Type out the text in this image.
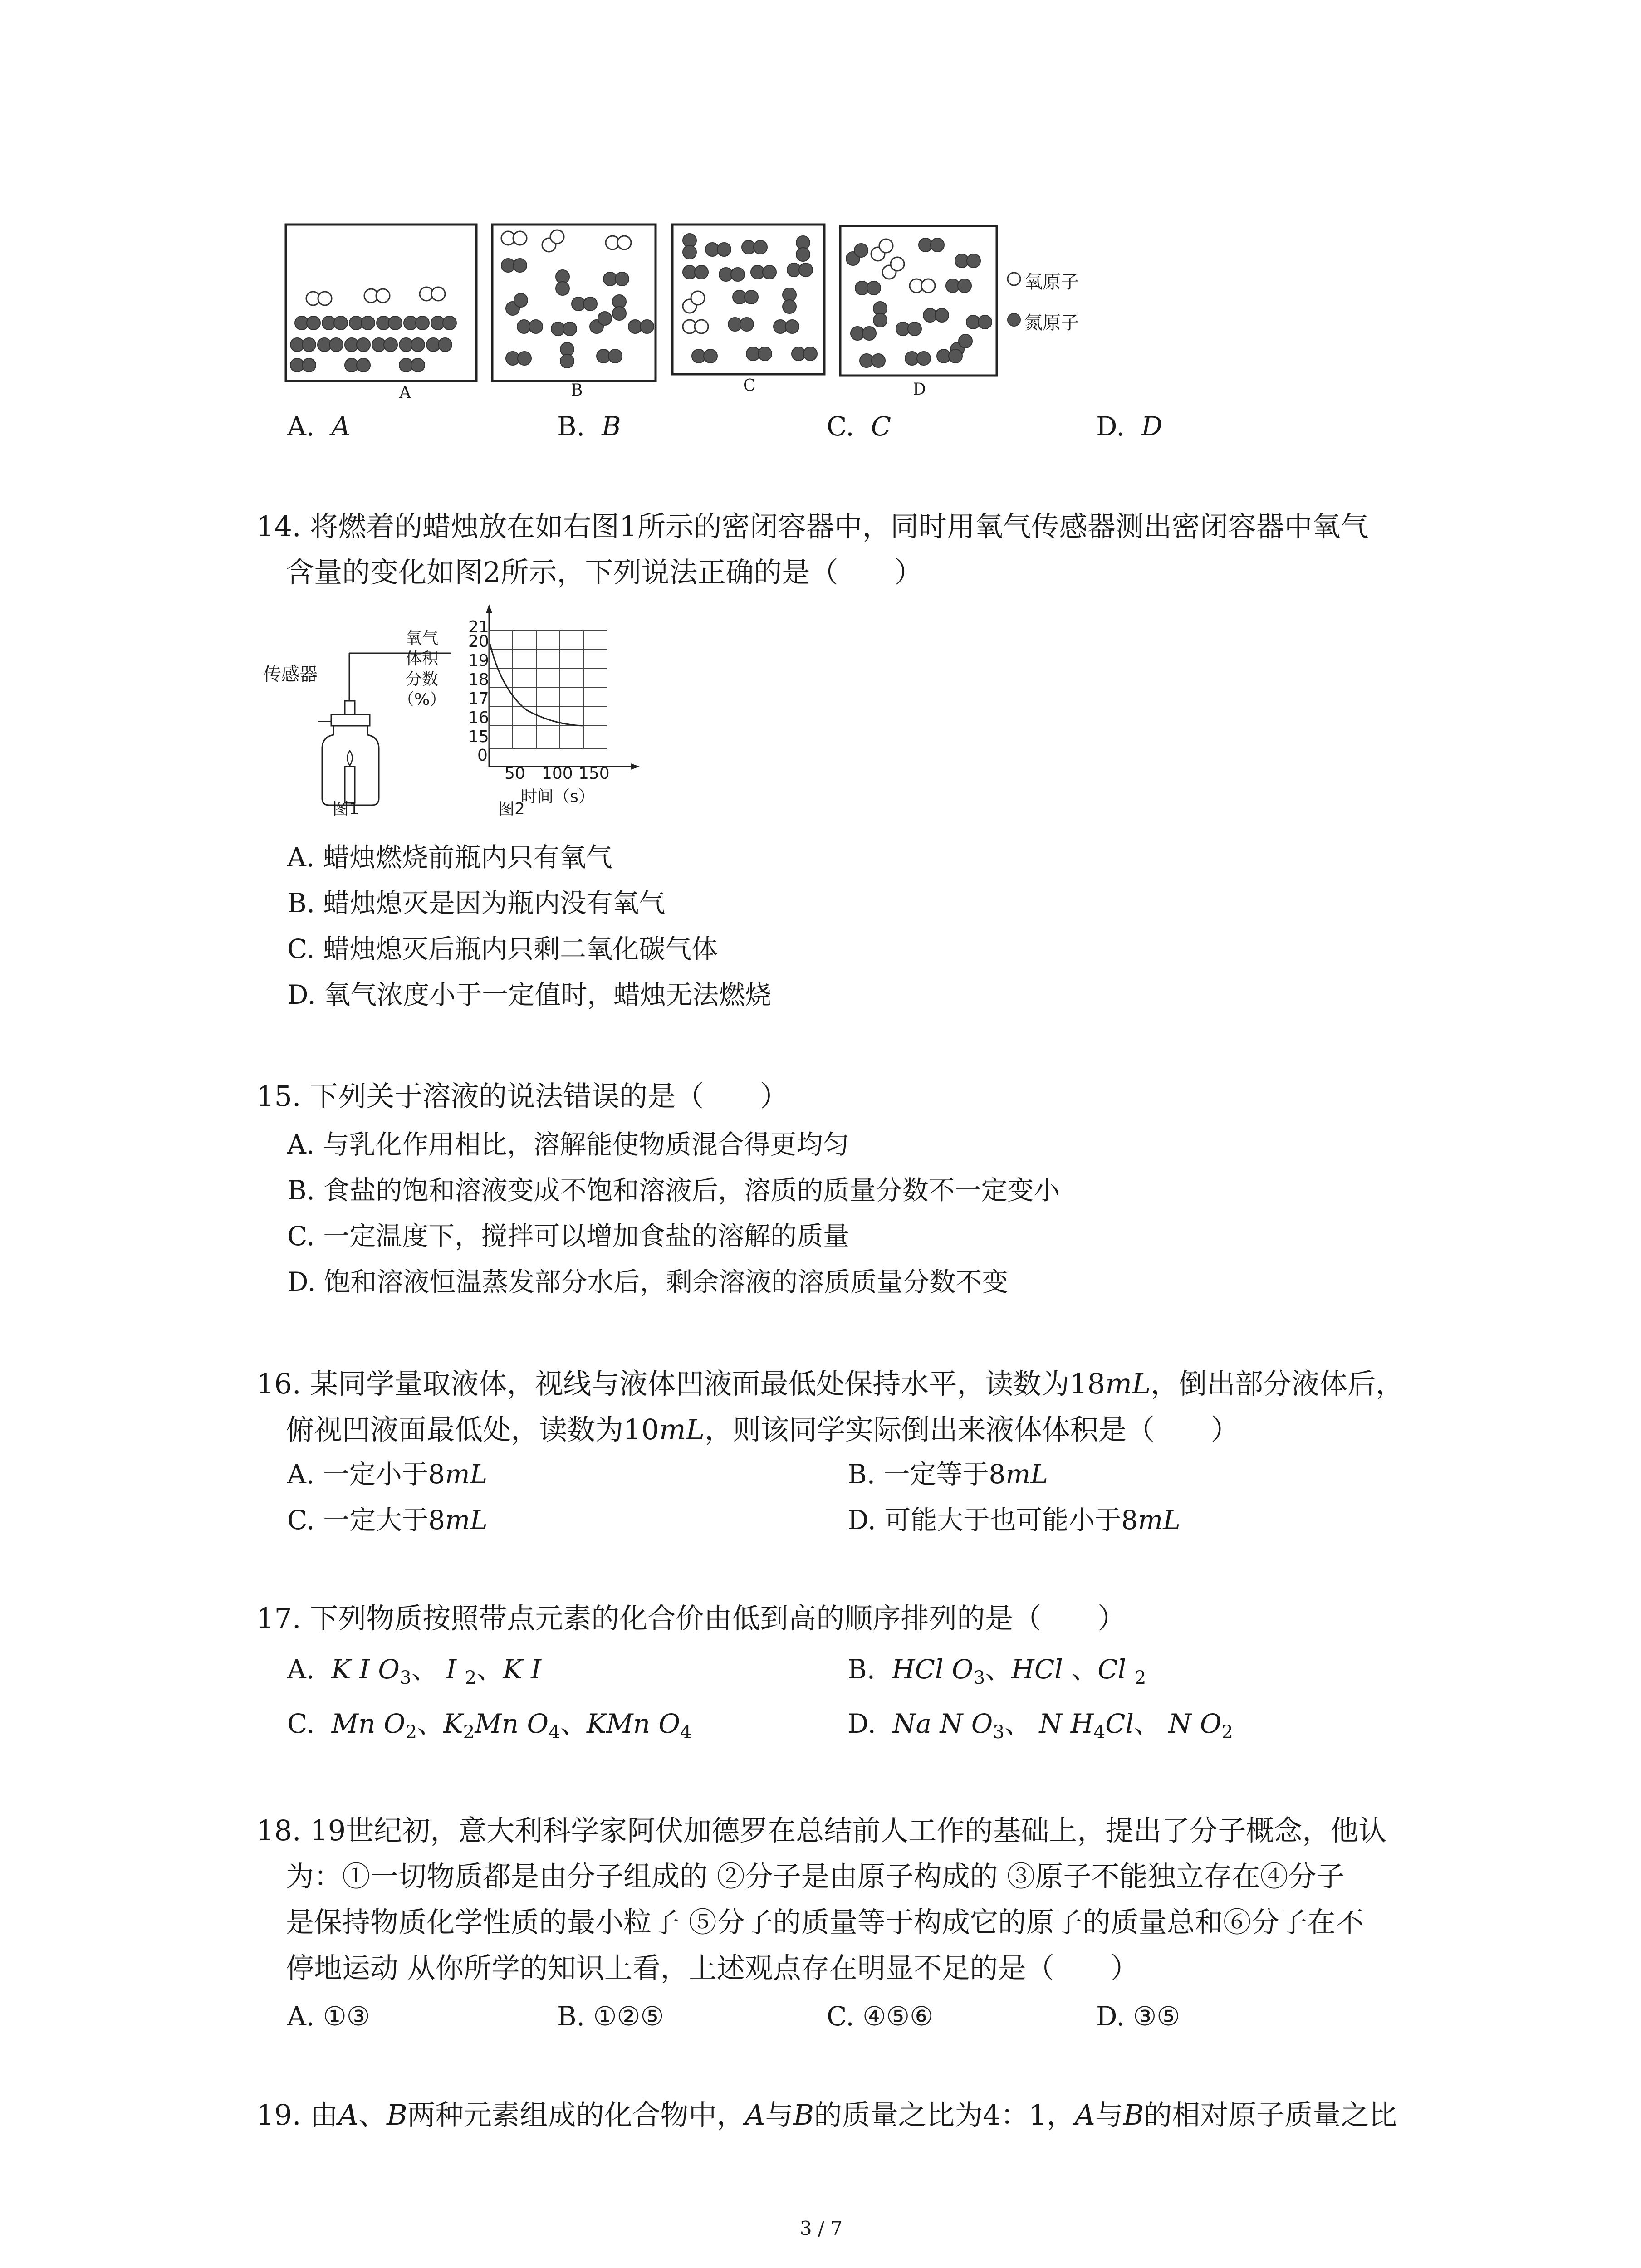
氧原子
氮原子
A	B	C	D
A. A	B. B	C. C	D. D
14. 将燃着的蜡烛放在如右图1所示的密闭容器中，同时用氧气传感器测出密闭容器中氧气
含量的变化如图2所示，下列说法正确的是（　　）
传感器
图1	图2
氧气
体积
分数
（%）
21
20
19
18
17
16
15
0
50 100 150
时间（s）
A. 蜡烛燃烧前瓶内只有氧气
B. 蜡烛熄灭是因为瓶内没有氧气
C. 蜡烛熄灭后瓶内只剩二氧化碳气体
D. 氧气浓度小于一定值时，蜡烛无法燃烧
15. 下列关于溶液的说法错误的是（　　）
A. 与乳化作用相比，溶解能使物质混合得更均匀
B. 食盐的饱和溶液变成不饱和溶液后，溶质的质量分数不一定变小
C. 一定温度下，搅拌可以增加食盐的溶解的质量
D. 饱和溶液恒温蒸发部分水后，剩余溶液的溶质质量分数不变
16. 某同学量取液体，视线与液体凹液面最低处保持水平，读数为18mL，倒出部分液体后，
俯视凹液面最低处，读数为10mL，则该同学实际倒出来液体体积是（　　）
A. 一定小于8mL	B. 一定等于8mL
C. 一定大于8mL	D. 可能大于也可能小于8mL
17. 下列物质按照带点元素的化合价由低到高的顺序排列的是（　　）
A. K I $O_3$、 I $_2$、K I	B. HCl $O_3$、HCl 、Cl $_2$
C. Mn $O_2$、$K_2Mn$ $O_4$、KMn $O_4$	D. Na N $O_3$、 N $H_4Cl$、 N $O_2$
18. 19世纪初，意大利科学家阿伏加德罗在总结前人工作的基础上，提出了分子概念，他认
为：①一切物质都是由分子组成的 ②分子是由原子构成的 ③原子不能独立存在④分子
是保持物质化学性质的最小粒子 ⑤分子的质量等于构成它的原子的质量总和⑥分子在不
停地运动 从你所学的知识上看，上述观点存在明显不足的是（　　）
A. ①③	B. ①②⑤	C. ④⑤⑥	D. ③⑤
19. 由A、B两种元素组成的化合物中，A与B的质量之比为4：1，A与B的相对原子质量之比
3 / 7
